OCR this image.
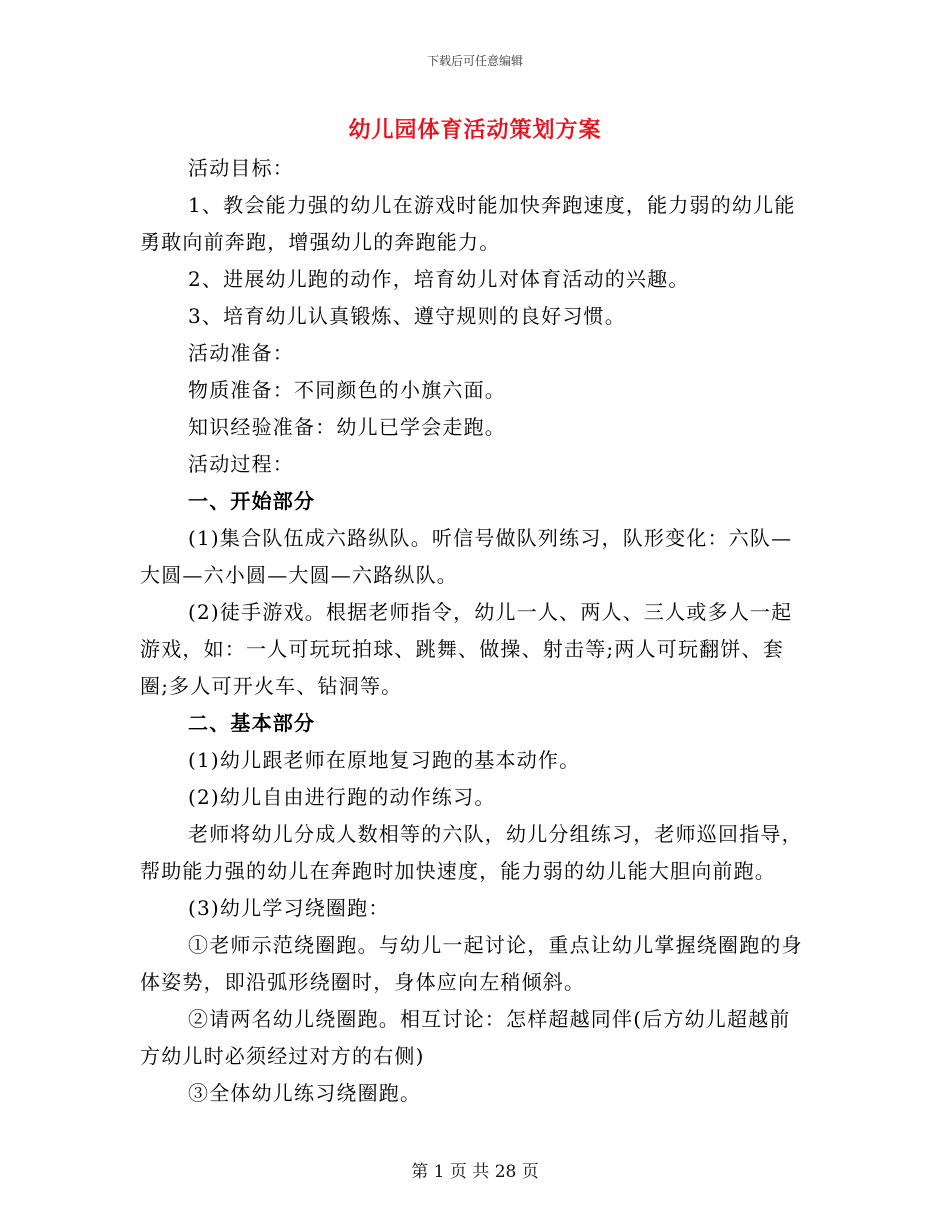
下载后可任意编辑
幼儿园体育活动策划方案

活动目标：

1、教会能力强的幼儿在游戏时能加快奔跑速度，能力弱的幼儿能勇敢向前奔跑，增强幼儿的奔跑能力。

2、进展幼儿跑的动作，培育幼儿对体育活动的兴趣。

3、培育幼儿认真锻炼、遵守规则的良好习惯。

活动准备：

物质准备：不同颜色的小旗六面。

知识经验准备：幼儿已学会走跑。

活动过程：

一、开始部分

(1)集合队伍成六路纵队。听信号做队列练习，队形变化：六队—大圆—六小圆—大圆—六路纵队。

(2)徒手游戏。根据老师指令，幼儿一人、两人、三人或多人一起游戏，如：一人可玩玩拍球、跳舞、做操、射击等;两人可玩翻饼、套圈;多人可开火车、钻洞等。

二、基本部分

(1)幼儿跟老师在原地复习跑的基本动作。

(2)幼儿自由进行跑的动作练习。

老师将幼儿分成人数相等的六队，幼儿分组练习，老师巡回指导，帮助能力强的幼儿在奔跑时加快速度，能力弱的幼儿能大胆向前跑。

(3)幼儿学习绕圈跑：

①老师示范绕圈跑。与幼儿一起讨论，重点让幼儿掌握绕圈跑的身体姿势，即沿弧形绕圈时，身体应向左稍倾斜。

②请两名幼儿绕圈跑。相互讨论：怎样超越同伴(后方幼儿超越前方幼儿时必须经过对方的右侧)

③全体幼儿练习绕圈跑。

第 1 页 共 28 页
